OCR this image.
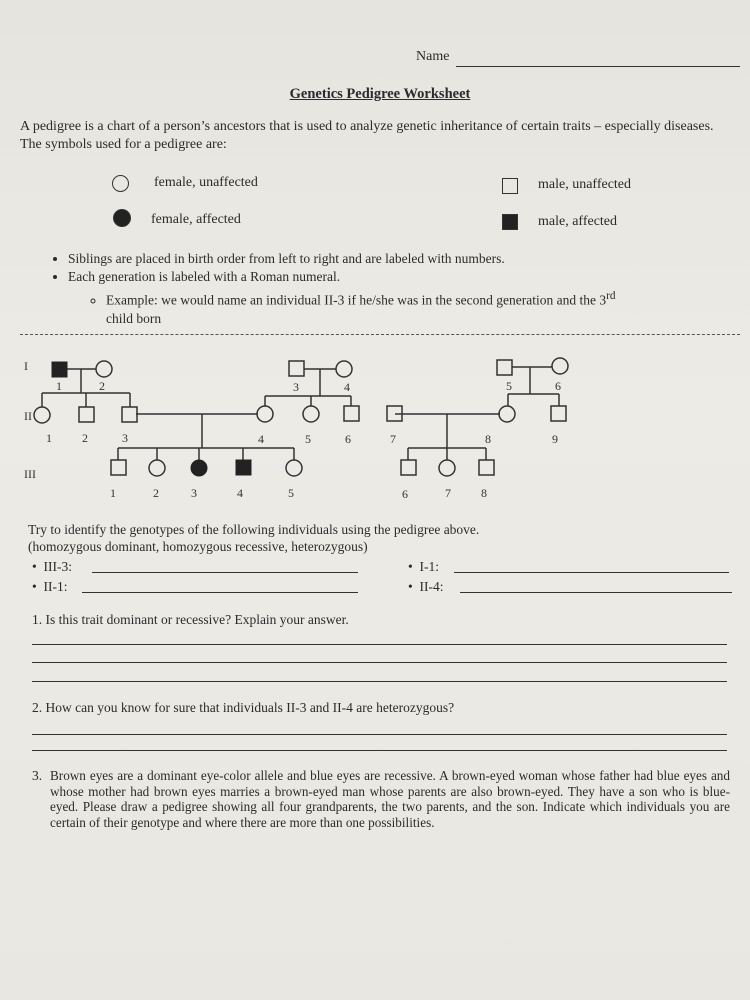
Name
Genetics Pedigree Worksheet
A pedigree is a chart of a person’s ancestors that is used to analyze genetic inheritance of certain traits – especially diseases. The symbols used for a pedigree are:
female, unaffected	male, unaffected
female, affected	male, affected
• Siblings are placed in birth order from left to right and are labeled with numbers.
• Each generation is labeled with a Roman numeral.
◦ Example: we would name an individual II-3 if he/she was in the second generation and the 3rd
child born
I
II
III
1	2	3	4	5	6
1	2	3	4	5	6	7	8	9
1	2	3	4	5	6	7	8
Try to identify the genotypes of the following individuals using the pedigree above.
(homozygous dominant, homozygous recessive, heterozygous)
•  III-3:	•  I-1:
•  II-1:	•  II-4:
1. Is this trait dominant or recessive? Explain your answer.
2. How can you know for sure that individuals II-3 and II-4 are heterozygous?
3. Brown eyes are a dominant eye-color allele and blue eyes are recessive. A brown-eyed woman whose father had blue eyes and whose mother had brown eyes marries a brown-eyed man whose parents are also brown-eyed. They have a son who is blue-eyed. Please draw a pedigree showing all four grandparents, the two parents, and the son. Indicate which individuals you are certain of their genotype and where there are more than one possibilities.
